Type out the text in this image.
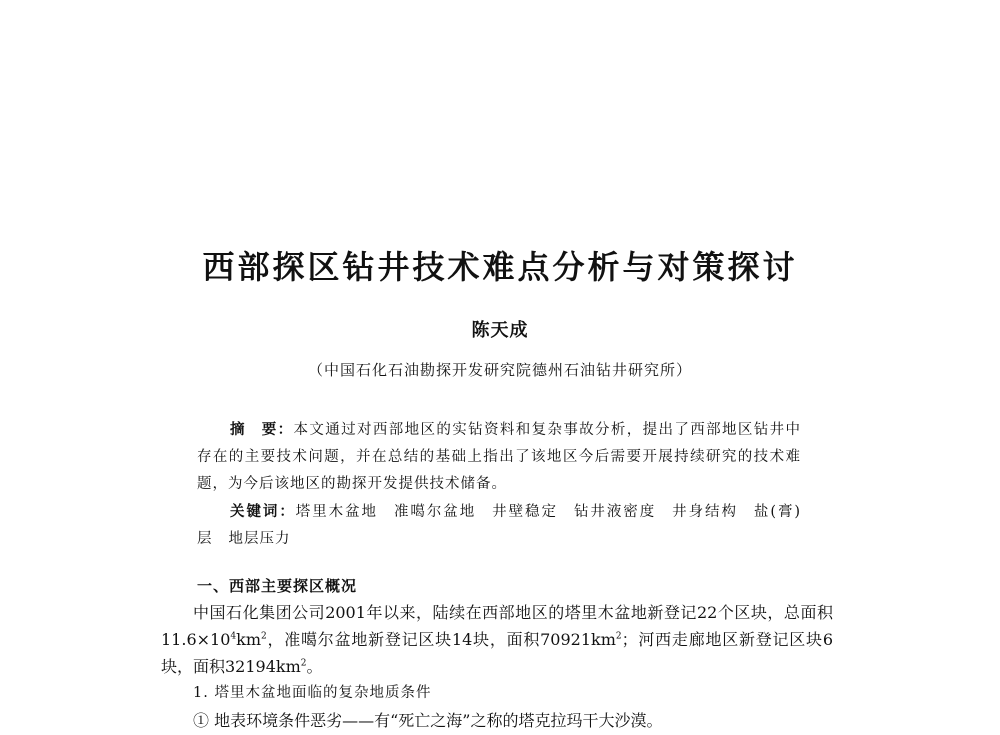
西部探区钻井技术难点分析与对策探讨
陈天成
（中国石化石油勘探开发研究院德州石油钻井研究所）
摘　要：本文通过对西部地区的实钻资料和复杂事故分析，提出了西部地区钻井中存在的主要技术问题，并在总结的基础上指出了该地区今后需要开展持续研究的技术难题，为今后该地区的勘探开发提供技术储备。
关键词：塔里木盆地 准噶尔盆地 井壁稳定 钻井液密度 井身结构 盐(膏)层 地层压力
一、西部主要探区概况

中国石化集团公司2001年以来，陆续在西部地区的塔里木盆地新登记22个区块，总面积$11.6\times 10^4km^2$，准噶尔盆地新登记区块14块，面积$70921km^2$；河西走廊地区新登记区块6块，面积$32194km^2$。

1. 塔里木盆地面临的复杂地质条件

① 地表环境条件恶劣——有“死亡之海”之称的塔克拉玛干大沙漠。
